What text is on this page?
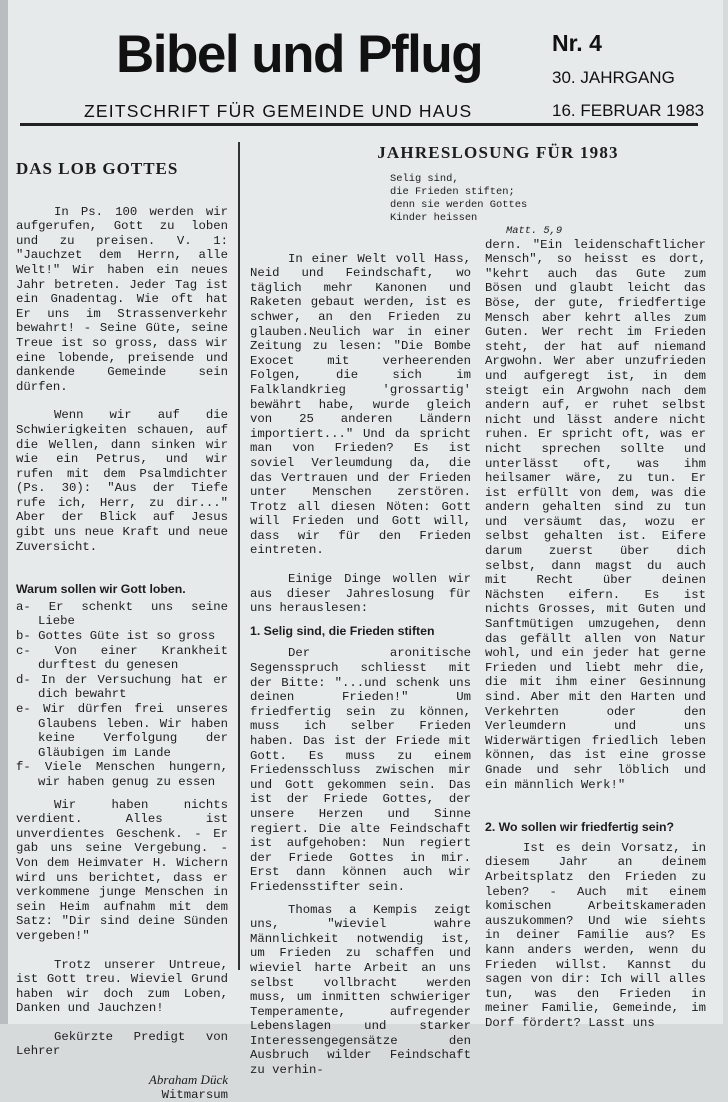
Bibel und Pflug	Nr. 4
30. JAHRGANG
ZEITSCHRIFT FÜR GEMEINDE UND HAUS	16. FEBRUAR 1983
DAS LOB GOTTES

In Ps. 100 werden wir aufgerufen, Gott zu loben und zu preisen. V. 1: "Jauchzet dem Herrn, alle Welt!" Wir haben ein neues Jahr betreten. Jeder Tag ist ein Gnadentag. Wie oft hat Er uns im Strassenverkehr bewahrt! - Seine Güte, seine Treue ist so gross, dass wir eine lobende, preisende und dankende Gemeinde sein dürfen.

Wenn wir auf die Schwierigkeiten schauen, auf die Wellen, dann sinken wir wie ein Petrus, und wir rufen mit dem Psalmdichter (Ps. 30): "Aus der Tiefe rufe ich, Herr, zu dir..." Aber der Blick auf Jesus gibt uns neue Kraft und neue Zuversicht.

Warum sollen wir Gott loben.

a- Er schenkt uns seine Liebe
b- Gottes Güte ist so gross
c- Von einer Krankheit durftest du genesen
d- In der Versuchung hat er dich bewahrt
e- Wir dürfen frei unseres Glaubens leben. Wir haben keine Verfolgung der Gläubigen im Lande
f- Viele Menschen hungern, wir haben genug zu essen

Wir haben nichts verdient. Alles ist unverdientes Geschenk. - Er gab uns seine Vergebung. - Von dem Heimvater H. Wichern wird uns berichtet, dass er verkommene junge Menschen in sein Heim aufnahm mit dem Satz: "Dir sind deine Sünden vergeben!"

Trotz unserer Untreue, ist Gott treu. Wieviel Grund haben wir doch zum Loben, Danken und Jauchzen!

Gekürzte Predigt von Lehrer

Abraham Dück

Witmarsum

JAHRESLOSUNG FÜR 1983
Selig sind,
die Frieden stiften;
denn sie werden Gottes
Kinder heissen
Matt. 5,9

In einer Welt voll Hass, Neid und Feindschaft, wo täglich mehr Kanonen und Raketen gebaut werden, ist es schwer, an den Frieden zu glauben.Neulich war in einer Zeitung zu lesen: "Die Bombe Exocet mit verheerenden Folgen, die sich im Falklandkrieg 'grossartig' bewährt habe, wurde gleich von 25 anderen Ländern importiert..." Und da spricht man von Frieden? Es ist soviel Verleumdung da, die das Vertrauen und der Frieden unter Menschen zerstören. Trotz all diesen Nöten: Gott will Frieden und Gott will, dass wir für den Frieden eintreten.

Einige Dinge wollen wir aus dieser Jahreslosung für uns herauslesen:

1. Selig sind, die Frieden stiften

Der aronitische Segensspruch schliesst mit der Bitte: "...und schenk uns deinen Frieden!" Um friedfertig sein zu können, muss ich selber Frieden haben. Das ist der Friede mit Gott. Es muss zu einem Friedensschluss zwischen mir und Gott gekommen sein. Das ist der Friede Gottes, der unsere Herzen und Sinne regiert. Die alte Feindschaft ist aufgehoben: Nun regiert der Friede Gottes in mir. Erst dann können auch wir Friedensstifter sein.

Thomas a Kempis zeigt uns, "wieviel wahre Männlichkeit notwendig ist, um Frieden zu schaffen und wieviel harte Arbeit an uns selbst vollbracht werden muss, um inmitten schwieriger Temperamente, aufregender Lebenslagen und starker Interessengegensätze den Ausbruch wilder Feindschaft zu verhin-

dern. "Ein leidenschaftlicher Mensch", so heisst es dort, "kehrt auch das Gute zum Bösen und glaubt leicht das Böse, der gute, friedfertige Mensch aber kehrt alles zum Guten. Wer recht im Frieden steht, der hat auf niemand Argwohn. Wer aber unzufrieden und aufgeregt ist, in dem steigt ein Argwohn nach dem andern auf, er ruhet selbst nicht und lässt andere nicht ruhen. Er spricht oft, was er nicht sprechen sollte und unterlässt oft, was ihm heilsamer wäre, zu tun. Er ist erfüllt von dem, was die andern gehalten sind zu tun und versäumt das, wozu er selbst gehalten ist. Eifere darum zuerst über dich selbst, dann magst du auch mit Recht über deinen Nächsten eifern. Es ist nichts Grosses, mit Guten und Sanftmütigen umzugehen, denn das gefällt allen von Natur wohl, und ein jeder hat gerne Frieden und liebt mehr die, die mit ihm einer Gesinnung sind. Aber mit den Harten und Verkehrten oder den Verleumdern und uns Widerwärtigen friedlich leben können, das ist eine grosse Gnade und sehr löblich und ein männlich Werk!"

2. Wo sollen wir friedfertig sein?

Ist es dein Vorsatz, in diesem Jahr an deinem Arbeitsplatz den Frieden zu leben? - Auch mit einem komischen Arbeitskameraden auszukommen? Und wie siehts in deiner Familie aus? Es kann anders werden, wenn du Frieden willst. Kannst du sagen von dir: Ich will alles tun, was den Frieden in meiner Familie, Gemeinde, im Dorf fördert? Lasst uns
